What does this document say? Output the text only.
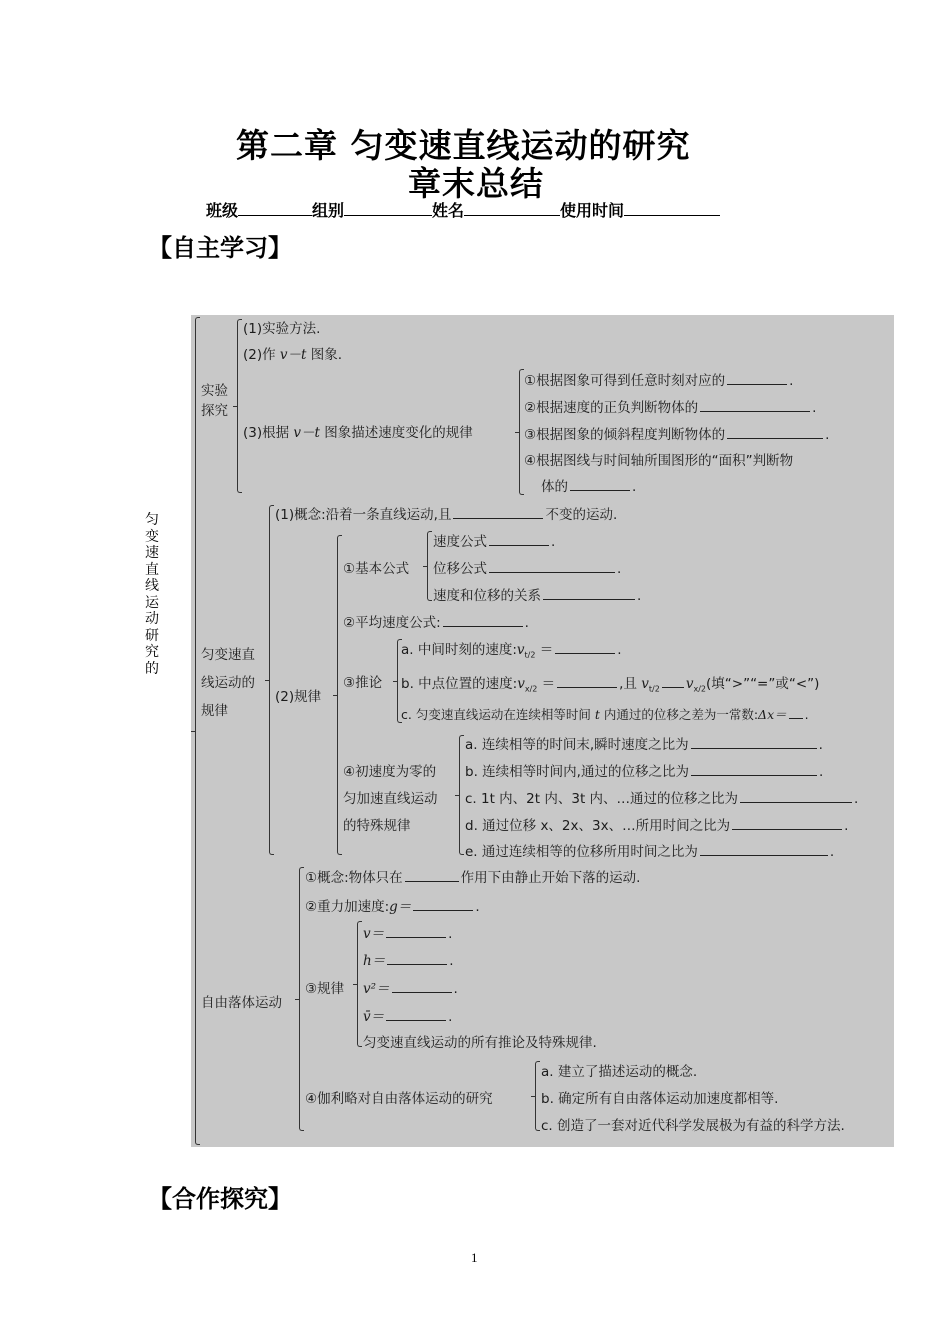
第二章 匀变速直线运动的研究
章末总结
班级	组别	姓名	使用时间
【自主学习】
匀
变
速
直
线
运
动
研
究
的
实验
探究
(1)实验方法.
(2)作 v－t 图象.
(3)根据 v－t 图象描述速度变化的规律
①根据图象可得到任意时刻对应的	.
②根据速度的正负判断物体的	.
③根据图象的倾斜程度判断物体的	.
④根据图线与时间轴所围图形的“面积”判断物
体的	.
匀变速直
线运动的
规律
(1)概念:沿着一条直线运动,且	不变的运动.
(2)规律
①基本公式
速度公式	.
位移公式	.
速度和位移的关系	.
②平均速度公式:	.
③推论
a. 中间时刻的速度$:v_{t/2}$ ＝	.
b. 中点位置的速度$:v_{x/2}$ ＝	,且 $v_{t/2}$ $v_{x/2}$(填“>”“=”或“<”)
c. 匀变速直线运动在连续相等时间 t 内通过的位移之差为一常数:Δx＝ .
④初速度为零的
匀加速直线运动
的特殊规律
a. 连续相等的时间末,瞬时速度之比为	.
b. 连续相等时间内,通过的位移之比为	.
c. 1t 内、2t 内、3t 内、…通过的位移之比为	.
d. 通过位移 x、2x、3x、…所用时间之比为	.
e. 通过连续相等的位移所用时间之比为	.
自由落体运动
①概念:物体只在	作用下由静止开始下落的运动.
②重力加速度:g＝	.
③规律
v＝	.
h＝	.
v²＝	.
v̄＝	.
匀变速直线运动的所有推论及特殊规律.
④伽利略对自由落体运动的研究
a. 建立了描述运动的概念.
b. 确定所有自由落体运动加速度都相等.
c. 创造了一套对近代科学发展极为有益的科学方法.
【合作探究】
1
